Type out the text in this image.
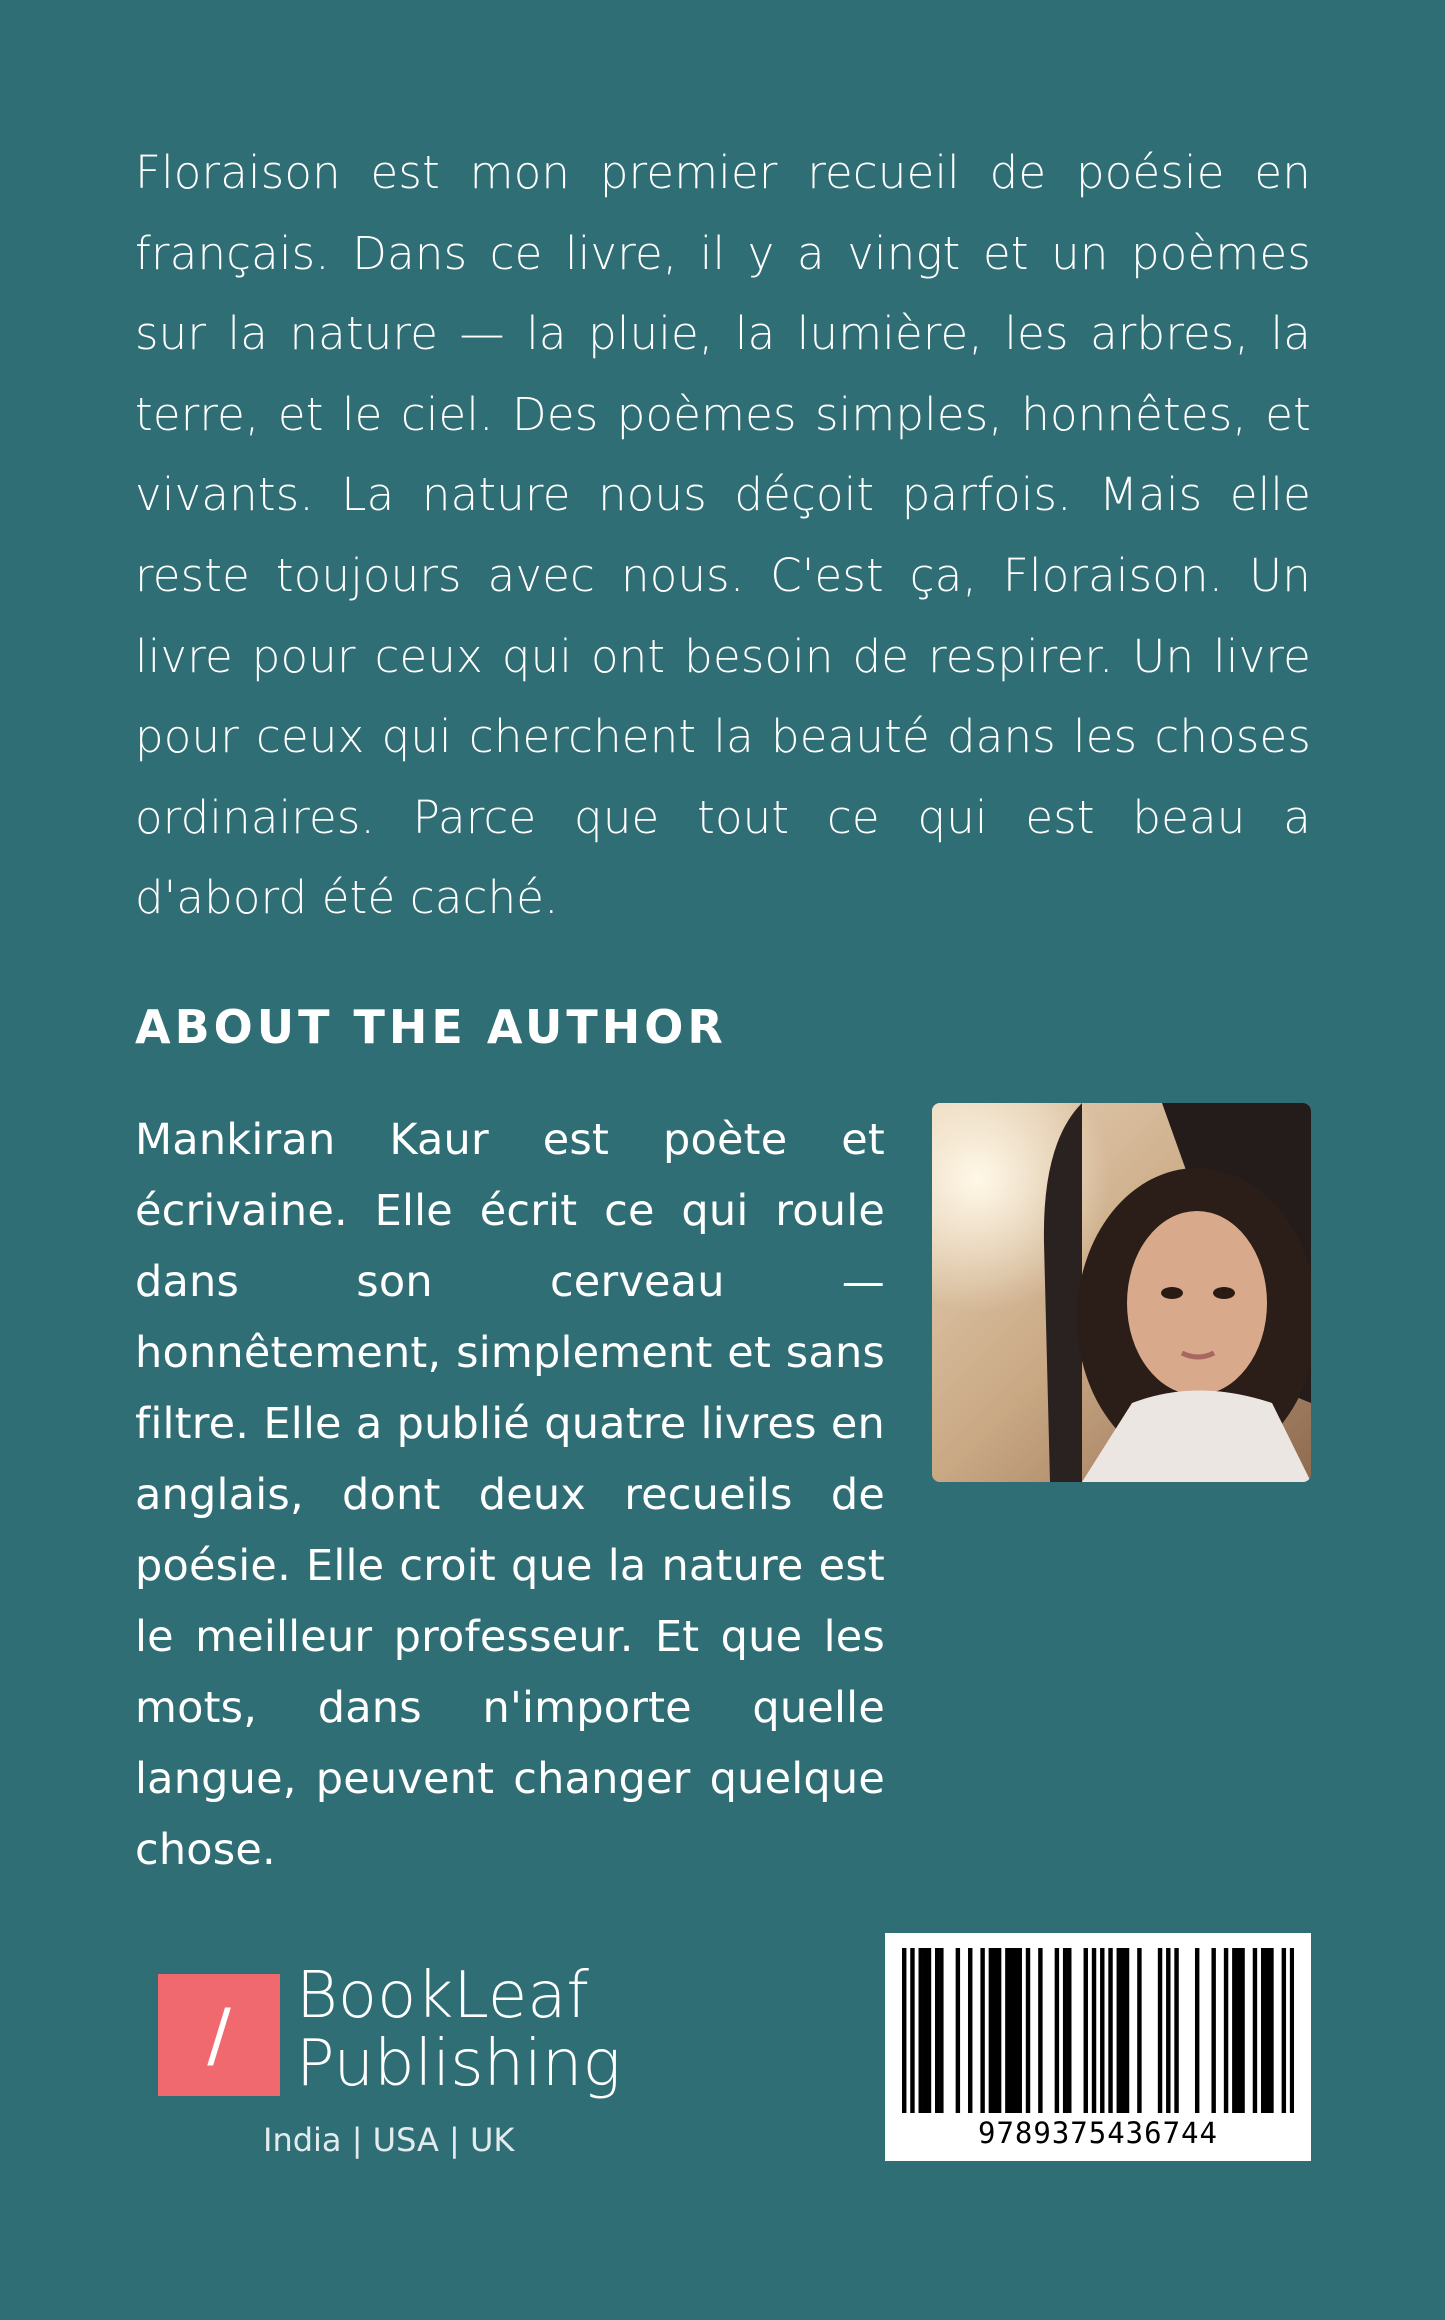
Floraison est mon premier recueil de poésie en français. Dans ce livre, il y a vingt et un poèmes sur la nature — la pluie, la lumière, les arbres, la terre, et le ciel. Des poèmes simples, honnêtes, et vivants. La nature nous déçoit parfois. Mais elle reste toujours avec nous. C'est ça, Floraison. Un livre pour ceux qui ont besoin de respirer. Un livre pour ceux qui cherchent la beauté dans les choses ordinaires. Parce que tout ce qui est beau a d'abord été caché.
ABOUT THE AUTHOR
Mankiran Kaur est poète et écrivaine. Elle écrit ce qui roule dans son cerveau — honnêtement, simplement et sans filtre. Elle a publié quatre livres en anglais, dont deux recueils de poésie. Elle croit que la nature est le meilleur professeur. Et que les mots, dans n'importe quelle langue, peuvent changer quelque chose.
/	BookLeaf
Publishing
India | USA | UK	9789375436744
